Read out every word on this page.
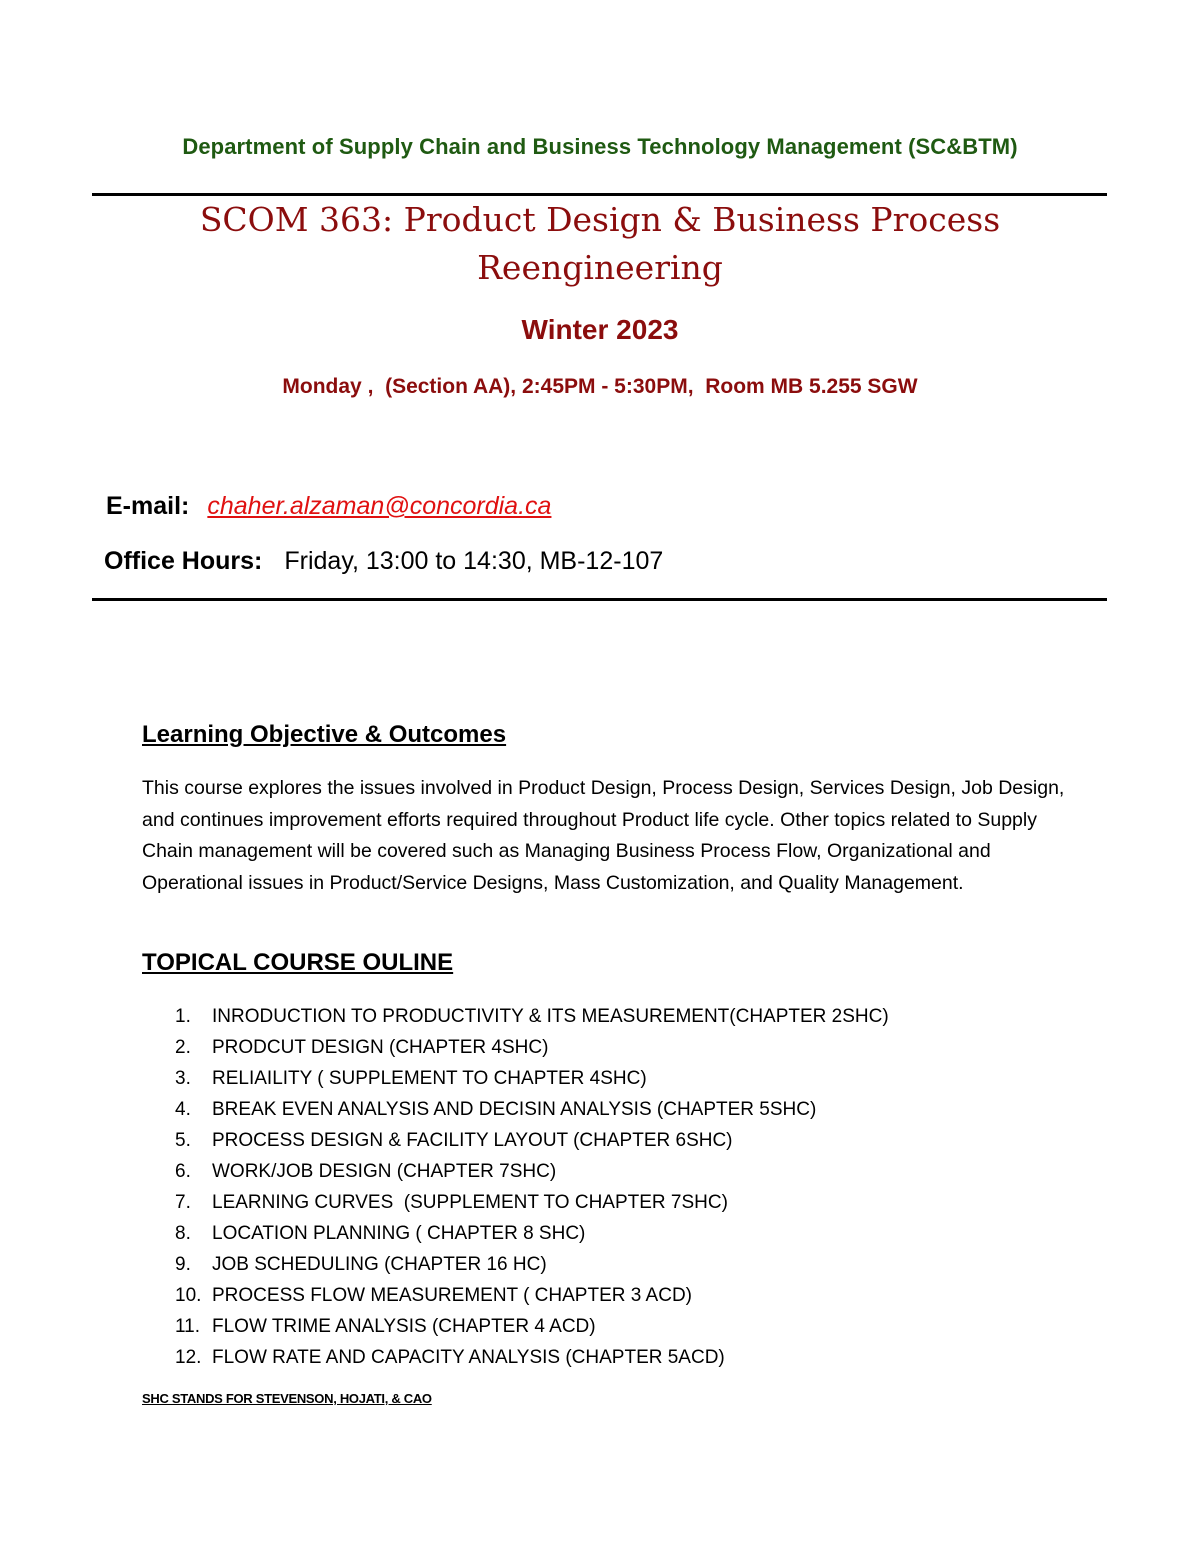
Department of Supply Chain and Business Technology Management (SC&BTM)
SCOM 363: Product Design & Business Process
Reengineering
Winter 2023
Monday ,  (Section AA), 2:45PM - 5:30PM,  Room MB 5.255 SGW
E-mail: chaher.alzaman@concordia.ca
Office Hours: Friday, 13:00 to 14:30, MB-12-107
Learning Objective & Outcomes
This course explores the issues involved in Product Design, Process Design, Services Design, Job Design, and continues improvement efforts required throughout Product life cycle. Other topics related to Supply Chain management will be covered such as Managing Business Process Flow, Organizational and Operational issues in Product/Service Designs, Mass Customization, and Quality Management.
TOPICAL COURSE OULINE
1. INRODUCTION TO PRODUCTIVITY & ITS MEASUREMENT(CHAPTER 2SHC)
2. PRODCUT DESIGN (CHAPTER 4SHC)
3. RELIAILITY ( SUPPLEMENT TO CHAPTER 4SHC)
4. BREAK EVEN ANALYSIS AND DECISIN ANALYSIS (CHAPTER 5SHC)
5. PROCESS DESIGN & FACILITY LAYOUT (CHAPTER 6SHC)
6. WORK/JOB DESIGN (CHAPTER 7SHC)
7. LEARNING CURVES  (SUPPLEMENT TO CHAPTER 7SHC)
8. LOCATION PLANNING ( CHAPTER 8 SHC)
9. JOB SCHEDULING (CHAPTER 16 HC)
10. PROCESS FLOW MEASUREMENT ( CHAPTER 3 ACD)
11. FLOW TRIME ANALYSIS (CHAPTER 4 ACD)
12. FLOW RATE AND CAPACITY ANALYSIS (CHAPTER 5ACD)
SHC STANDS FOR STEVENSON, HOJATI, & CAO
